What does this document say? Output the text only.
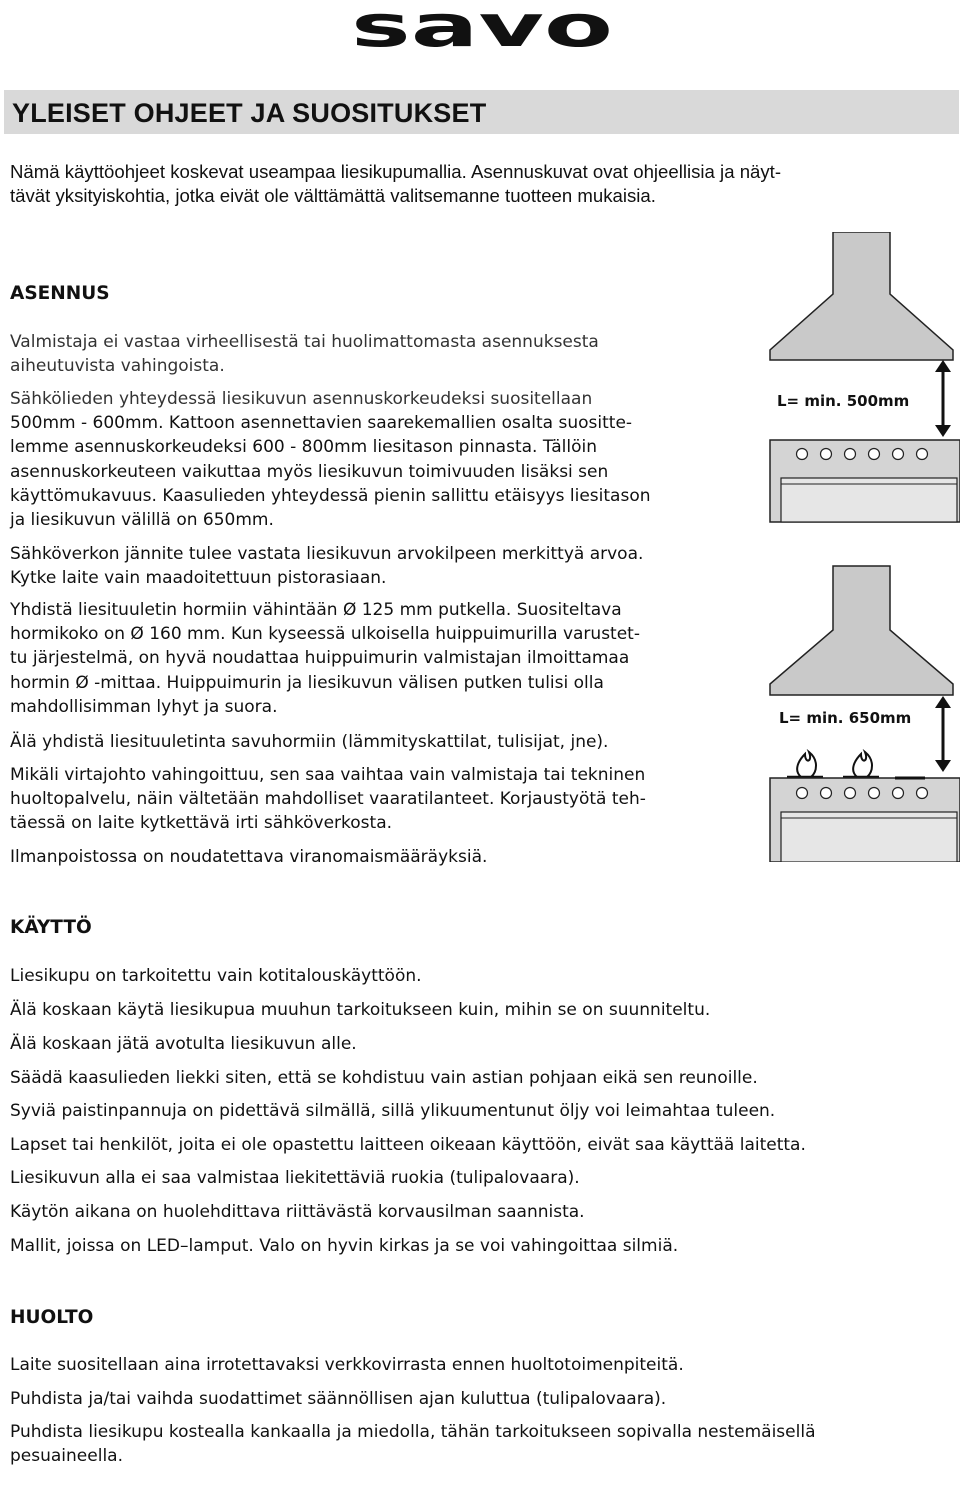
savo
YLEISET OHJEET JA SUOSITUKSET
Nämä käyttöohjeet koskevat useampaa liesikupumallia. Asennuskuvat ovat ohjeellisia ja näyt-
tävät yksityiskohtia, jotka eivät ole välttämättä valitsemanne tuotteen mukaisia.
ASENNUS
Valmistaja ei vastaa virheellisestä tai huolimattomasta asennuksesta
aiheutuvista vahingoista.
Sähkölieden yhteydessä liesikuvun asennuskorkeudeksi suositellaan
500mm - 600mm. Kattoon asennettavien saarekemallien osalta suositte-
lemme asennuskorkeudeksi 600 - 800mm liesitason pinnasta. Tällöin
asennuskorkeuteen vaikuttaa myös liesikuvun toimivuuden lisäksi sen
käyttömukavuus. Kaasulieden yhteydessä pienin sallittu etäisyys liesitason
ja liesikuvun välillä on 650mm.
Sähköverkon jännite tulee vastata liesikuvun arvokilpeen merkittyä arvoa.
Kytke laite vain maadoitettuun pistorasiaan.
Yhdistä liesituuletin hormiin vähintään Ø 125 mm putkella. Suositeltava
hormikoko on Ø 160 mm. Kun kyseessä ulkoisella huippuimurilla varustet-
tu järjestelmä, on hyvä noudattaa huippuimurin valmistajan ilmoittamaa
hormin Ø -mittaa. Huippuimurin ja liesikuvun välisen putken tulisi olla
mahdollisimman lyhyt ja suora.
Älä yhdistä liesituuletinta savuhormiin (lämmityskattilat, tulisijat, jne).
Mikäli virtajohto vahingoittuu, sen saa vaihtaa vain valmistaja tai tekninen
huoltopalvelu, näin vältetään mahdolliset vaaratilanteet. Korjaustyötä teh-
täessä on laite kytkettävä irti sähköverkosta.
Ilmanpoistossa on noudatettava viranomaismääräyksiä.
L= min. 500mm
L= min. 650mm
KÄYTTÖ
Liesikupu on tarkoitettu vain kotitalouskäyttöön.
Älä koskaan käytä liesikupua muuhun tarkoitukseen kuin, mihin se on suunniteltu.
Älä koskaan jätä avotulta liesikuvun alle.
Säädä kaasulieden liekki siten, että se kohdistuu vain astian pohjaan eikä sen reunoille.
Syviä paistinpannuja on pidettävä silmällä, sillä ylikuumentunut öljy voi leimahtaa tuleen.
Lapset tai henkilöt, joita ei ole opastettu laitteen oikeaan käyttöön, eivät saa käyttää laitetta.
Liesikuvun alla ei saa valmistaa liekitettäviä ruokia (tulipalovaara).
Käytön aikana on huolehdittava riittävästä korvausilman saannista.
Mallit, joissa on LED–lamput. Valo on hyvin kirkas ja se voi vahingoittaa silmiä.
HUOLTO
Laite suositellaan aina irrotettavaksi verkkovirrasta ennen huoltotoimenpiteitä.
Puhdista ja/tai vaihda suodattimet säännöllisen ajan kuluttua (tulipalovaara).
Puhdista liesikupu kostealla kankaalla ja miedolla, tähän tarkoitukseen sopivalla nestemäisellä
pesuaineella.
